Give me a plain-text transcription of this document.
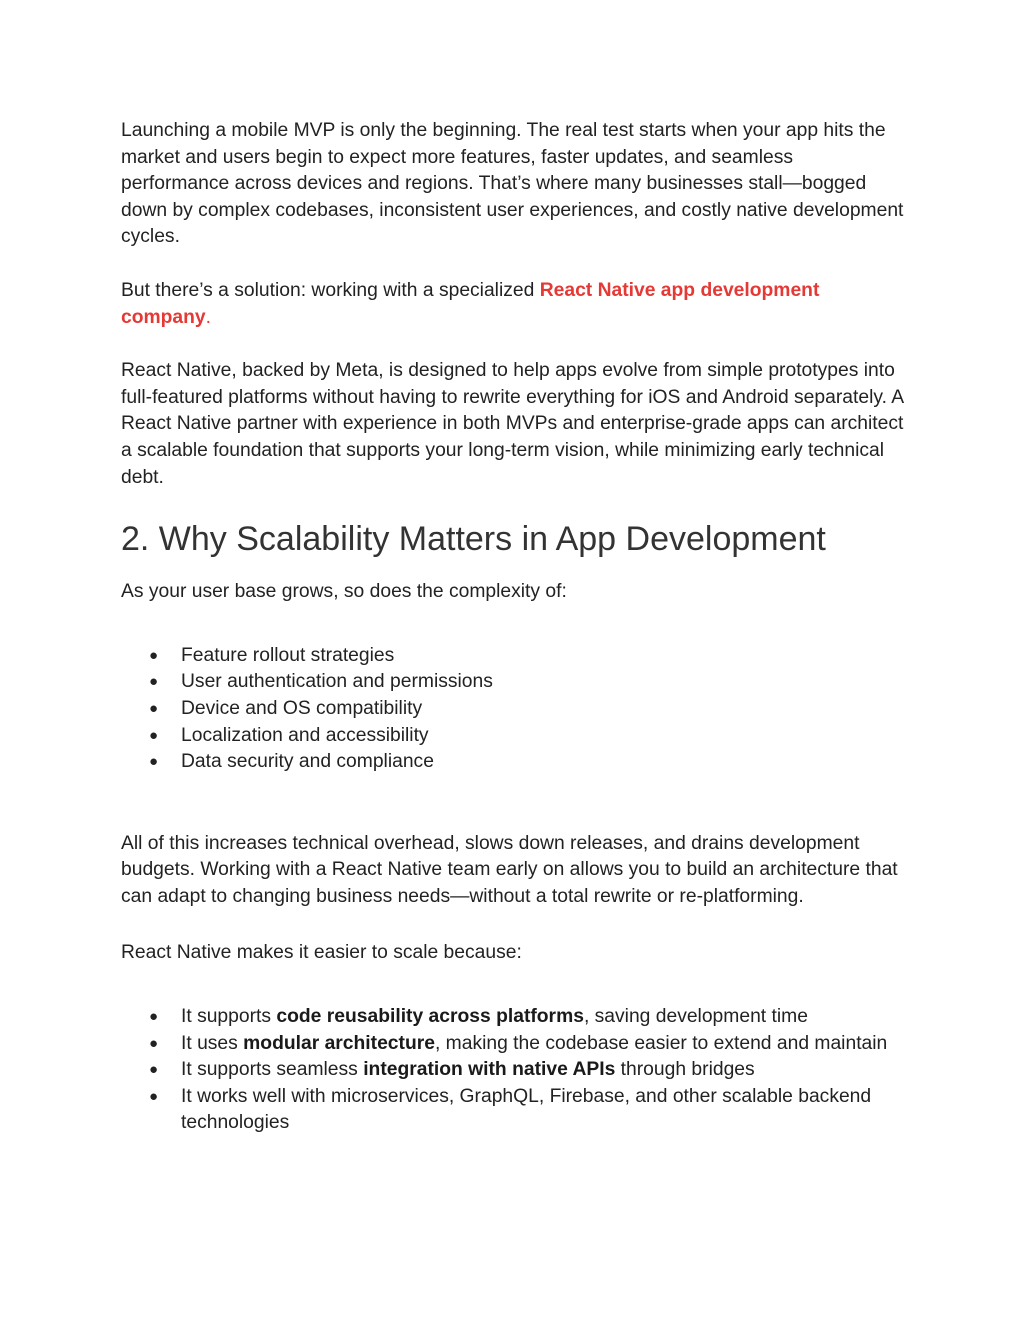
Launching a mobile MVP is only the beginning. The real test starts when your app hits the market and users begin to expect more features, faster updates, and seamless performance across devices and regions. That’s where many businesses stall—bogged down by complex codebases, inconsistent user experiences, and costly native development cycles.

But there’s a solution: working with a specialized React Native app development company.

React Native, backed by Meta, is designed to help apps evolve from simple prototypes into full-featured platforms without having to rewrite everything for iOS and Android separately. A React Native partner with experience in both MVPs and enterprise-grade apps can architect a scalable foundation that supports your long-term vision, while minimizing early technical debt.

2. Why Scalability Matters in App Development

As your user base grows, so does the complexity of:

● Feature rollout strategies
● User authentication and permissions
● Device and OS compatibility
● Localization and accessibility
● Data security and compliance

All of this increases technical overhead, slows down releases, and drains development budgets. Working with a React Native team early on allows you to build an architecture that can adapt to changing business needs—without a total rewrite or re-platforming.

React Native makes it easier to scale because:

● It supports code reusability across platforms, saving development time
● It uses modular architecture, making the codebase easier to extend and maintain
● It supports seamless integration with native APIs through bridges
● It works well with microservices, GraphQL, Firebase, and other scalable backend technologies
